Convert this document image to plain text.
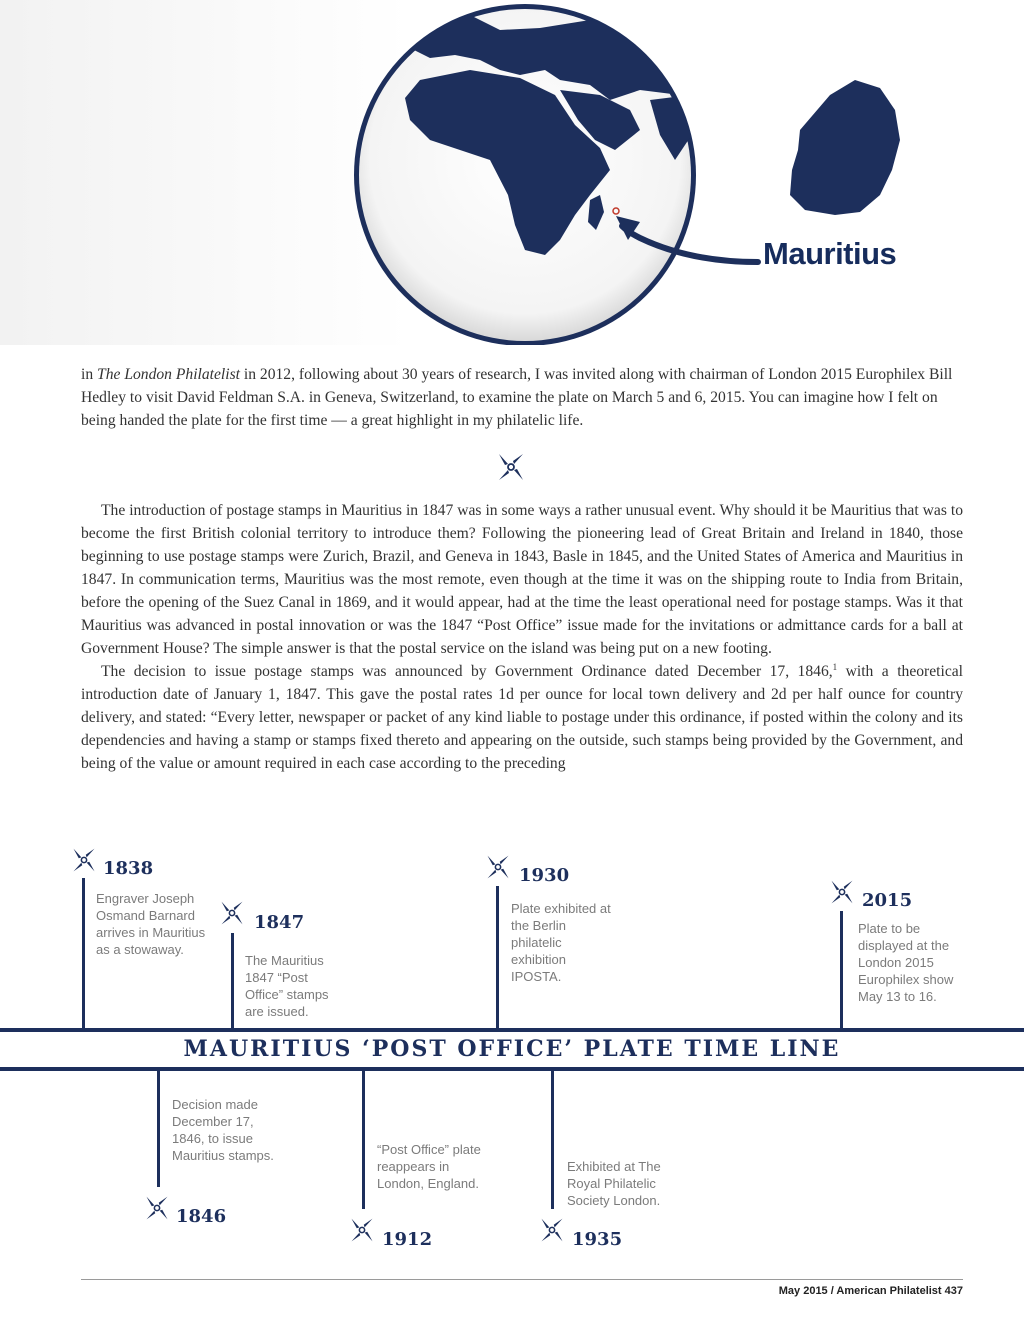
Mauritius

in The London Philatelist in 2012, following about 30 years of research, I was invited along with chairman of London 2015 Europhilex Bill Hedley to visit David Feldman S.A. in Geneva, Switzerland, to examine the plate on March 5 and 6, 2015. You can imagine how I felt on being handed the plate for the first time — a great highlight in my philatelic life.

The introduction of postage stamps in Mauritius in 1847 was in some ways a rather unusual event. Why should it be Mauritius that was to become the first British colonial territory to introduce them? Following the pioneering lead of Great Britain and Ireland in 1840, those beginning to use postage stamps were Zurich, Brazil, and Geneva in 1843, Basle in 1845, and the United States of America and Mauritius in 1847. In communication terms, Mauritius was the most remote, even though at the time it was on the shipping route to India from Britain, before the opening of the Suez Canal in 1869, and it would appear, had at the time the least operational need for postage stamps. Was it that Mauritius was advanced in postal innovation or was the 1847 “Post Office” issue made for the invitations or admittance cards for a ball at Government House? The simple answer is that the postal service on the island was being put on a new footing.

The decision to issue postage stamps was announced by Government Ordinance dated December 17, 1846,$^1$ with a theoretical introduction date of January 1, 1847. This gave the postal rates 1d per ounce for local town delivery and 2d per half ounce for country delivery, and stated: “Every letter, newspaper or packet of any kind liable to postage under this ordinance, if posted within the colony and its dependencies and having a stamp or stamps fixed thereto and appearing on the outside, such stamps being provided by the Government, and being of the value or amount required in each case according to the preceding

MAURITIUS ‘POST OFFICE’ PLATE TIME LINE
1838
Engraver Joseph Osmand Barnard arrives in Mauritius as a stowaway.
1847
The Mauritius 1847 “Post Office” stamps are issued.
1930
Plate exhibited at the Berlin philatelic exhibition IPOSTA.
2015
Plate to be displayed at the London 2015 Europhilex show May 13 to 16.
Decision made December 17, 1846, to issue Mauritius stamps.
1846
“Post Office” plate reappears in London, England.
1912
Exhibited at The Royal Philatelic Society London.
1935
May 2015 / American Philatelist 437
